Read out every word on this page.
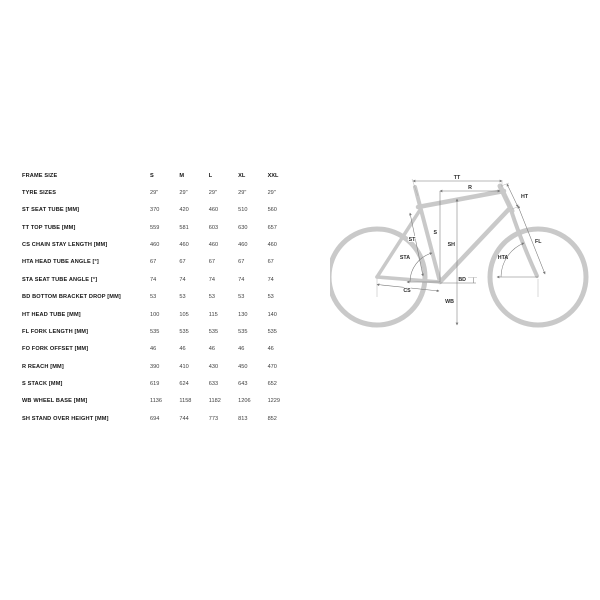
FRAME SIZE	S	M	L	XL	XXL
TYRE SIZES	29"	29"	29"	29"	29"
ST SEAT TUBE [MM]	370	420	460	510	560
TT TOP TUBE [MM]	559	581	603	630	657
CS CHAIN STAY LENGTH [MM]	460	460	460	460	460
HTA HEAD TUBE ANGLE [°]	67	67	67	67	67
STA SEAT TUBE ANGLE [°]	74	74	74	74	74
BD BOTTOM BRACKET DROP [MM]	53	53	53	53	53
HT HEAD TUBE [MM]	100	105	115	130	140
FL FORK LENGTH [MM]	535	535	535	535	535
FO FORK OFFSET [MM]	46	46	46	46	46
R REACH [MM]	390	410	430	450	470
S STACK [MM]	619	624	633	643	652
WB WHEEL BASE [MM]	1136	1158	1182	1206	1229
SH STAND OVER HEIGHT [MM]	694	744	773	813	852
TT
R
HT
ST
S
SH	FL
STA	HTA
BD
CS
WB
